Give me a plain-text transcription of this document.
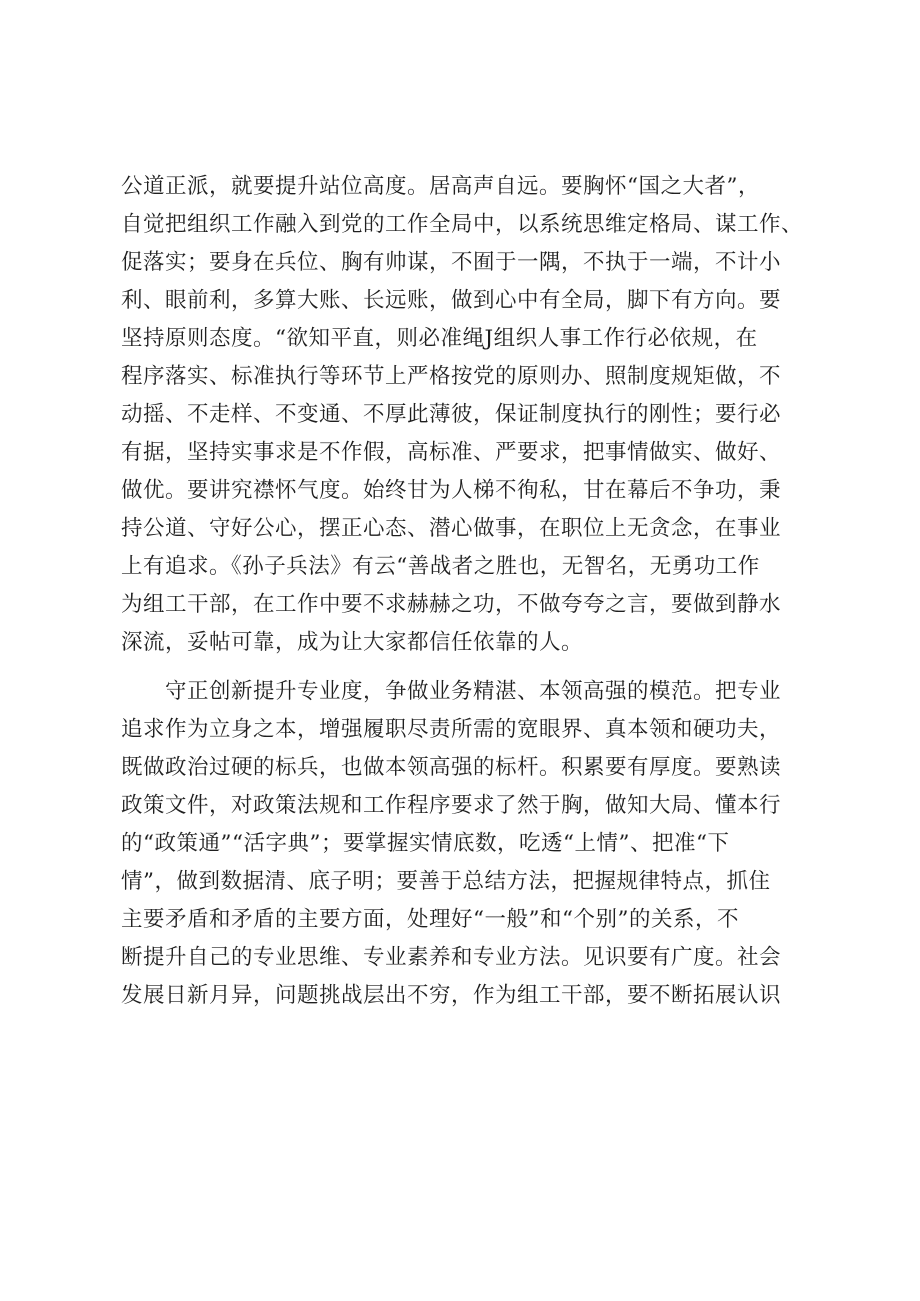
公道正派，就要提升站位高度。居高声自远。要胸怀“国之大者”，
自觉把组织工作融入到党的工作全局中，以系统思维定格局、谋工作、
促落实；要身在兵位、胸有帅谋，不囿于一隅，不执于一端，不计小
利、眼前利，多算大账、长远账，做到心中有全局，脚下有方向。要
坚持原则态度。“欲知平直，则必准绳J组织人事工作行必依规，在
程序落实、标准执行等环节上严格按党的原则办、照制度规矩做，不
动摇、不走样、不变通、不厚此薄彼，保证制度执行的刚性；要行必
有据，坚持实事求是不作假，高标准、严要求，把事情做实、做好、
做优。要讲究襟怀气度。始终甘为人梯不徇私，甘在幕后不争功，秉
持公道、守好公心，摆正心态、潜心做事，在职位上无贪念，在事业
上有追求。《孙子兵法》有云“善战者之胜也，无智名，无勇功工作
为组工干部，在工作中要不求赫赫之功，不做夸夸之言，要做到静水
深流，妥帖可靠，成为让大家都信任依靠的人。
守正创新提升专业度，争做业务精湛、本领高强的模范。把专业
追求作为立身之本，增强履职尽责所需的宽眼界、真本领和硬功夫，
既做政治过硬的标兵，也做本领高强的标杆。积累要有厚度。要熟读
政策文件，对政策法规和工作程序要求了然于胸，做知大局、懂本行
的“政策通”“活字典”；要掌握实情底数，吃透“上情”、把准“下
情”，做到数据清、底子明；要善于总结方法，把握规律特点，抓住
主要矛盾和矛盾的主要方面，处理好“一般”和“个别”的关系，不
断提升自己的专业思维、专业素养和专业方法。见识要有广度。社会
发展日新月异，问题挑战层出不穷，作为组工干部，要不断拓展认识
